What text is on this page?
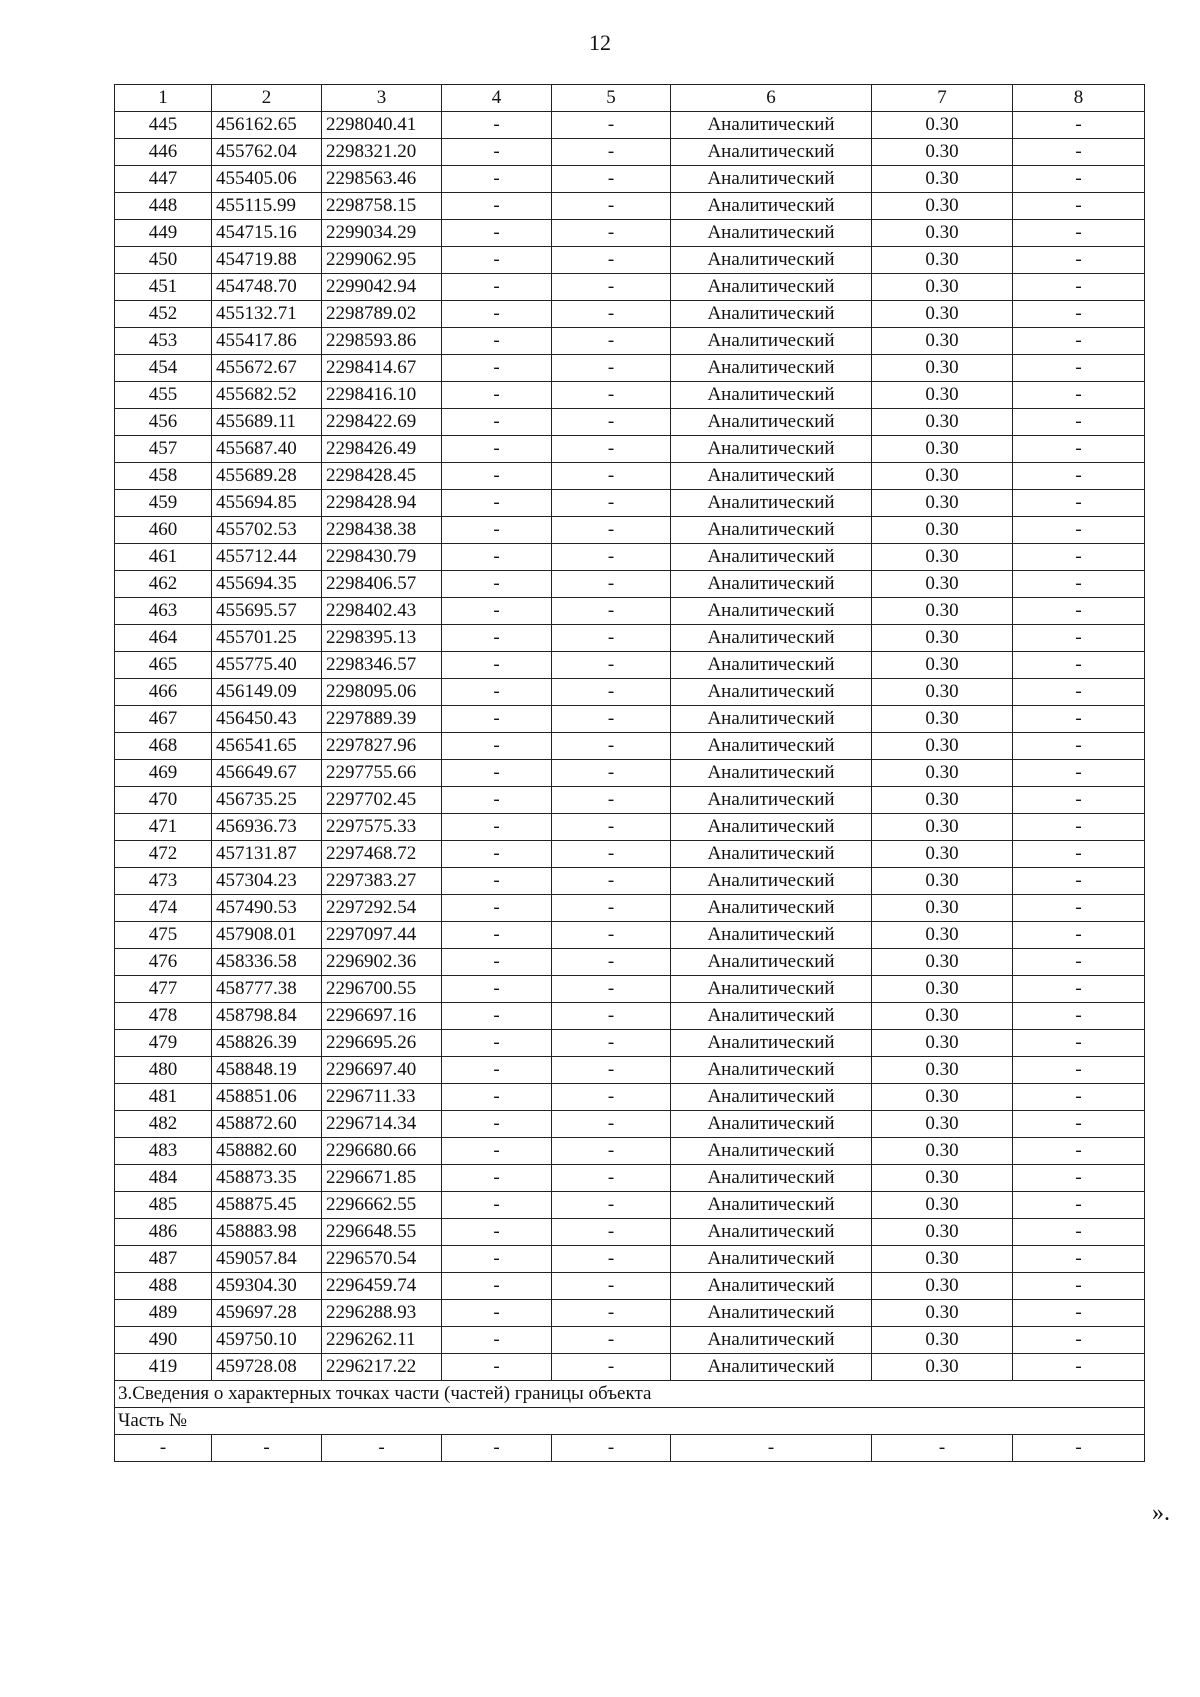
12
1	2	3	4	5	6	7	8
445	456162.65	2298040.41	-	-	Аналитический	0.30	-
446	455762.04	2298321.20	-	-	Аналитический	0.30	-
447	455405.06	2298563.46	-	-	Аналитический	0.30	-
448	455115.99	2298758.15	-	-	Аналитический	0.30	-
449	454715.16	2299034.29	-	-	Аналитический	0.30	-
450	454719.88	2299062.95	-	-	Аналитический	0.30	-
451	454748.70	2299042.94	-	-	Аналитический	0.30	-
452	455132.71	2298789.02	-	-	Аналитический	0.30	-
453	455417.86	2298593.86	-	-	Аналитический	0.30	-
454	455672.67	2298414.67	-	-	Аналитический	0.30	-
455	455682.52	2298416.10	-	-	Аналитический	0.30	-
456	455689.11	2298422.69	-	-	Аналитический	0.30	-
457	455687.40	2298426.49	-	-	Аналитический	0.30	-
458	455689.28	2298428.45	-	-	Аналитический	0.30	-
459	455694.85	2298428.94	-	-	Аналитический	0.30	-
460	455702.53	2298438.38	-	-	Аналитический	0.30	-
461	455712.44	2298430.79	-	-	Аналитический	0.30	-
462	455694.35	2298406.57	-	-	Аналитический	0.30	-
463	455695.57	2298402.43	-	-	Аналитический	0.30	-
464	455701.25	2298395.13	-	-	Аналитический	0.30	-
465	455775.40	2298346.57	-	-	Аналитический	0.30	-
466	456149.09	2298095.06	-	-	Аналитический	0.30	-
467	456450.43	2297889.39	-	-	Аналитический	0.30	-
468	456541.65	2297827.96	-	-	Аналитический	0.30	-
469	456649.67	2297755.66	-	-	Аналитический	0.30	-
470	456735.25	2297702.45	-	-	Аналитический	0.30	-
471	456936.73	2297575.33	-	-	Аналитический	0.30	-
472	457131.87	2297468.72	-	-	Аналитический	0.30	-
473	457304.23	2297383.27	-	-	Аналитический	0.30	-
474	457490.53	2297292.54	-	-	Аналитический	0.30	-
475	457908.01	2297097.44	-	-	Аналитический	0.30	-
476	458336.58	2296902.36	-	-	Аналитический	0.30	-
477	458777.38	2296700.55	-	-	Аналитический	0.30	-
478	458798.84	2296697.16	-	-	Аналитический	0.30	-
479	458826.39	2296695.26	-	-	Аналитический	0.30	-
480	458848.19	2296697.40	-	-	Аналитический	0.30	-
481	458851.06	2296711.33	-	-	Аналитический	0.30	-
482	458872.60	2296714.34	-	-	Аналитический	0.30	-
483	458882.60	2296680.66	-	-	Аналитический	0.30	-
484	458873.35	2296671.85	-	-	Аналитический	0.30	-
485	458875.45	2296662.55	-	-	Аналитический	0.30	-
486	458883.98	2296648.55	-	-	Аналитический	0.30	-
487	459057.84	2296570.54	-	-	Аналитический	0.30	-
488	459304.30	2296459.74	-	-	Аналитический	0.30	-
489	459697.28	2296288.93	-	-	Аналитический	0.30	-
490	459750.10	2296262.11	-	-	Аналитический	0.30	-
419	459728.08	2296217.22	-	-	Аналитический	0.30	-
3.Сведения о характерных точках части (частей) границы объекта							
Часть №							
-	-	-	-	-	-	-	-
».
